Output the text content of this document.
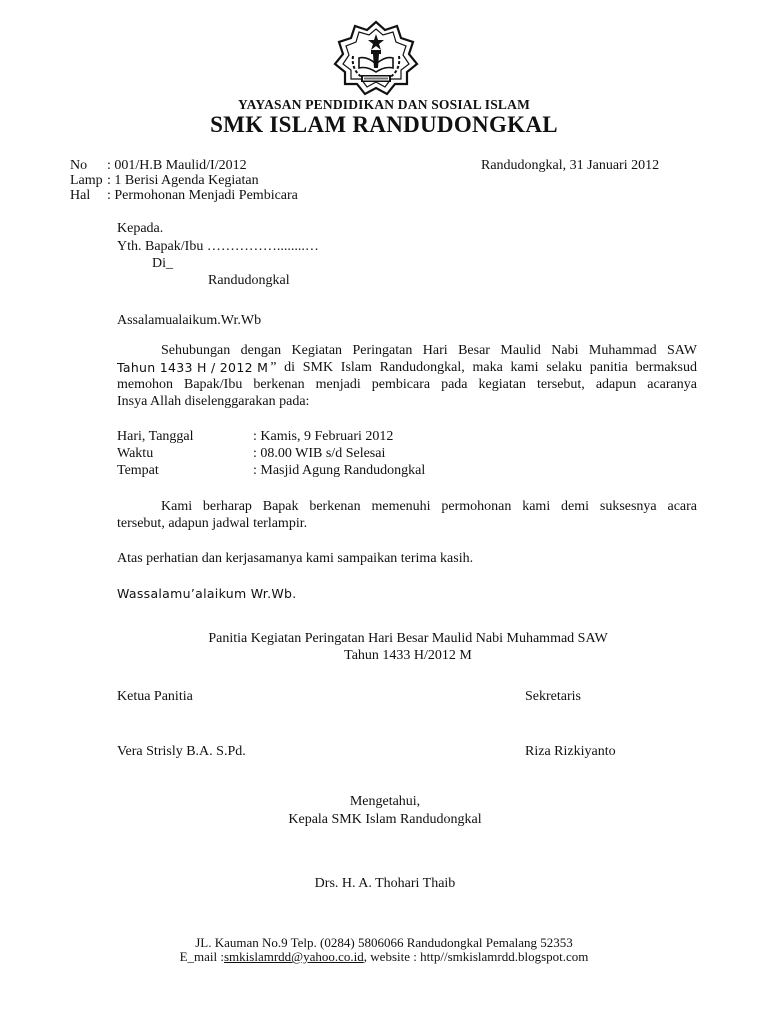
YAYASAN PENDIDIKAN DAN SOSIAL ISLAM
SMK ISLAM RANDUDONGKAL
No : 001/H.B Maulid/I/2012	Randudongkal, 31 Januari 2012
Lamp : 1 Berisi Agenda Kegiatan
Hal : Permohonan Menjadi Pembicara
Kepada.
Yth. Bapak/Ibu ……………........…
Di_
Randudongkal
Assalamualaikum.Wr.Wb
Sehubungan dengan Kegiatan Peringatan Hari Besar Maulid Nabi Muhammad SAW
Tahun 1433 H / 2012 M ” di SMK Islam Randudongkal, maka kami selaku panitia bermaksud
memohon Bapak/Ibu berkenan menjadi pembicara pada kegiatan tersebut, adapun acaranya
Insya Allah diselenggarakan pada:
Hari, Tanggal	: Kamis, 9 Februari 2012
Waktu	: 08.00 WIB s/d Selesai
Tempat	: Masjid Agung Randudongkal
Kami berharap Bapak berkenan memenuhi permohonan kami demi suksesnya acara
tersebut, adapun jadwal terlampir.
Atas perhatian dan kerjasamanya kami sampaikan terima kasih.
Wassalamu’alaikum Wr.Wb.
Panitia Kegiatan Peringatan Hari Besar Maulid Nabi Muhammad SAW
Tahun 1433 H/2012 M
Ketua Panitia	Sekretaris
Vera Strisly B.A. S.Pd.	Riza Rizkiyanto
Mengetahui,
Kepala SMK Islam Randudongkal
Drs. H. A. Thohari Thaib
JL. Kauman No.9 Telp. (0284) 5806066 Randudongkal Pemalang 52353
E_mail :smkislamrdd@yahoo.co.id, website : http//smkislamrdd.blogspot.com
